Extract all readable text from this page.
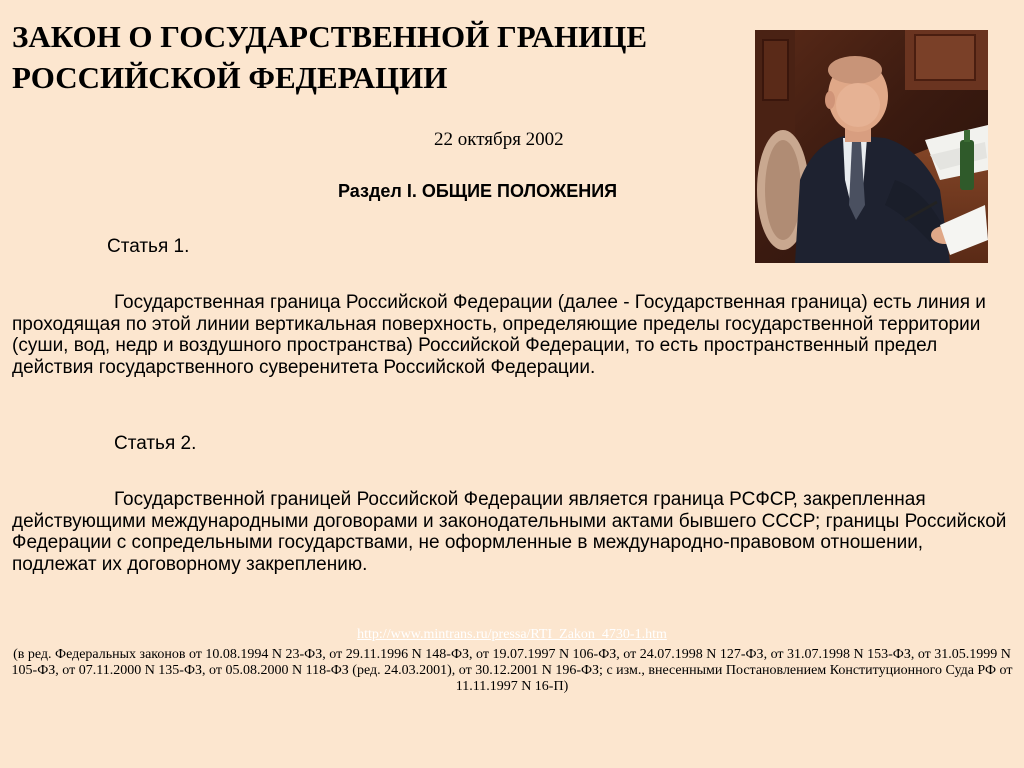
ЗАКОН О ГОСУДАРСТВЕННОЙ ГРАНИЦЕ
РОССИЙСКОЙ ФЕДЕРАЦИИ
22 октября 2002
Раздел I. ОБЩИЕ ПОЛОЖЕНИЯ
Статья 1.
Государственная граница Российской Федерации (далее - Государственная граница) есть линия и проходящая по этой линии вертикальная поверхность, определяющие пределы государственной территории (суши, вод, недр и воздушного пространства) Российской Федерации, то есть пространственный предел действия государственного суверенитета Российской Федерации.
Статья 2.
Государственной границей Российской Федерации является граница РСФСР, закрепленная действующими международными договорами и законодательными актами бывшего СССР; границы Российской Федерации с сопредельными государствами, не оформленные в международно-правовом отношении, подлежат их договорному закреплению.
http://www.mintrans.ru/pressa/RTI_Zakon_4730-1.htm
(в ред. Федеральных законов от 10.08.1994 N 23-ФЗ, от 29.11.1996 N 148-ФЗ, от 19.07.1997 N 106-ФЗ, от 24.07.1998 N 127-ФЗ, от 31.07.1998 N 153-ФЗ, от 31.05.1999 N 105-ФЗ, от 07.11.2000 N 135-ФЗ, от 05.08.2000 N 118-ФЗ (ред. 24.03.2001), от 30.12.2001 N 196-ФЗ; с изм., внесенными Постановлением Конституционного Суда РФ от 11.11.1997 N 16-П)
